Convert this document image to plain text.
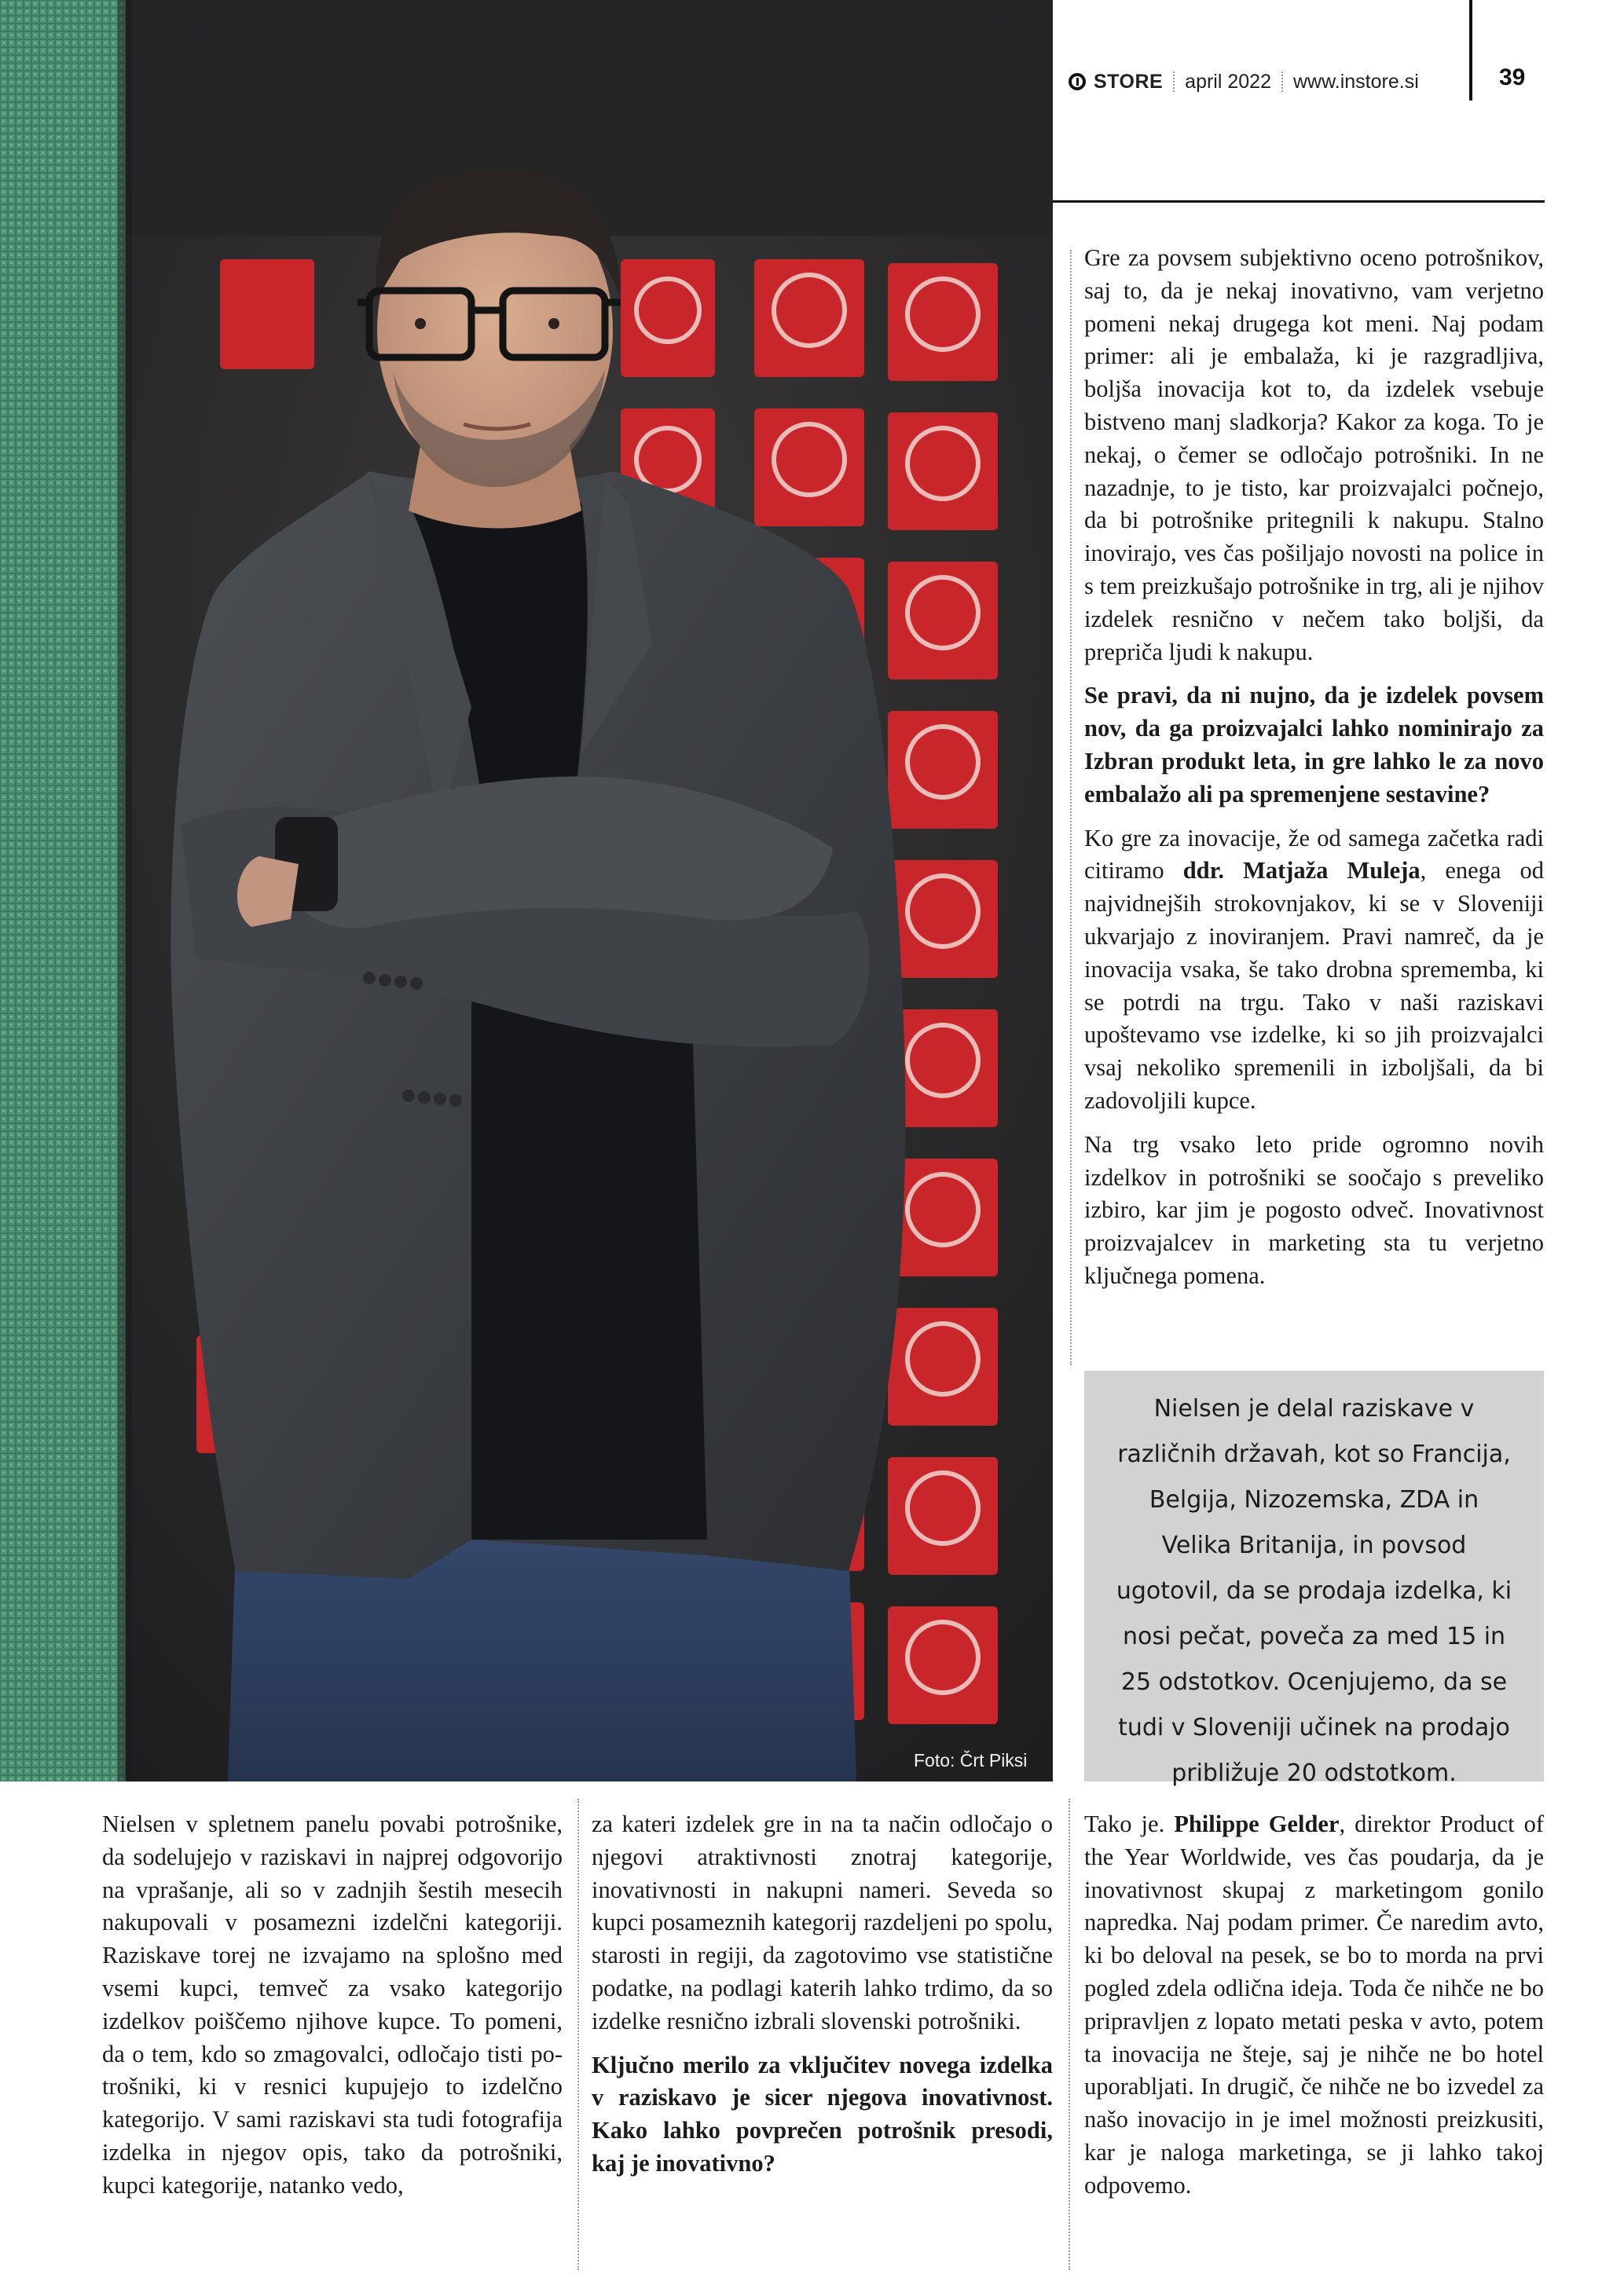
Foto: Črt Piksi
STORE april 2022 www.instore.si	39

Gre za povsem subjektivno oceno potrošnikov, saj to, da je nekaj inovativno, vam verjetno pomeni nekaj drugega kot meni. Naj podam primer: ali je embalaža, ki je razgradljiva, boljša inovacija kot to, da izdelek vsebuje bistveno manj sladkorja? Kakor za koga. To je nekaj, o čemer se odločajo potrošniki. In ne nazadnje, to je tisto, kar proizvajalci počnejo, da bi potrošnike pritegnili k nakupu. Stalno inovirajo, ves čas pošiljajo novosti na police in s tem preizkušajo potrošnike in trg, ali je njihov izdelek resnično v nečem tako boljši, da prepriča ljudi k nakupu.

Se pravi, da ni nujno, da je izdelek povsem nov, da ga proizvajalci lahko nominirajo za Izbran produkt leta, in gre lahko le za novo embalažo ali pa spremenjene sestavine?

Ko gre za inovacije, že od samega začetka radi citiramo ddr. Matjaža Muleja, enega od najvidnejših strokovnjakov, ki se v Sloveniji ukvarjajo z inoviranjem. Pravi namreč, da je inovacija vsaka, še tako drobna sprememba, ki se potrdi na trgu. Tako v naši raziskavi upoštevamo vse izdelke, ki so jih proizvajalci vsaj nekoliko spremenili in izboljšali, da bi zadovoljili kupce.

Na trg vsako leto pride ogromno novih izdelkov in potrošniki se soočajo s preveliko izbiro, kar jim je pogosto odveč. Inovativnost proizvajalcev in marketing sta tu verjetno ključnega pomena.

Nielsen je delal raziskave v različnih državah, kot so Francija, Belgija, Nizozemska, ZDA in Velika Britanija, in povsod ugotovil, da se prodaja izdelka, ki nosi pečat, poveča za med 15 in 25 odstotkov. Ocenjujemo, da se tudi v Sloveniji učinek na prodajo približuje 20 odstotkom.

Nielsen v spletnem panelu povabi potrošnike, da sodelujejo v raziskavi in najprej odgovorijo na vprašanje, ali so v zadnjih šestih mesecih nakupovali v posamezni izdelčni kategoriji. Raziskave torej ne izvajamo na splošno med vsemi kupci, temveč za vsako kategorijo izdelkov poiščemo njihove kupce. To pomeni, da o tem, kdo so zmagovalci, odločajo tisti potrošniki, ki v resnici kupujejo to izdelčno kategorijo. V sami raziskavi sta tudi fotografija izdelka in njegov opis, tako da potrošniki, kupci kategorije, natanko vedo,

za kateri izdelek gre in na ta način odločajo o njegovi atraktivnosti znotraj kategorije, inovativnosti in nakupni nameri. Seveda so kupci posameznih kategorij razdeljeni po spolu, starosti in regiji, da zagotovimo vse statistične podatke, na podlagi katerih lahko trdimo, da so izdelke resnično izbrali slovenski potrošniki.

Ključno merilo za vključitev novega izdelka v raziskavo je sicer njegova inovativnost. Kako lahko povprečen potrošnik presodi, kaj je inovativno?

Tako je. Philippe Gelder, direktor Product of the Year Worldwide, ves čas poudarja, da je inovativnost skupaj z marketingom gonilo napredka. Naj podam primer. Če naredim avto, ki bo deloval na pesek, se bo to morda na prvi pogled zdela odlična ideja. Toda če nihče ne bo pripravljen z lopato metati peska v avto, potem ta inovacija ne šteje, saj je nihče ne bo hotel uporabljati. In drugič, če nihče ne bo izvedel za našo inovacijo in je imel možnosti preizkusiti, kar je naloga marketinga, se ji lahko takoj odpovemo.
